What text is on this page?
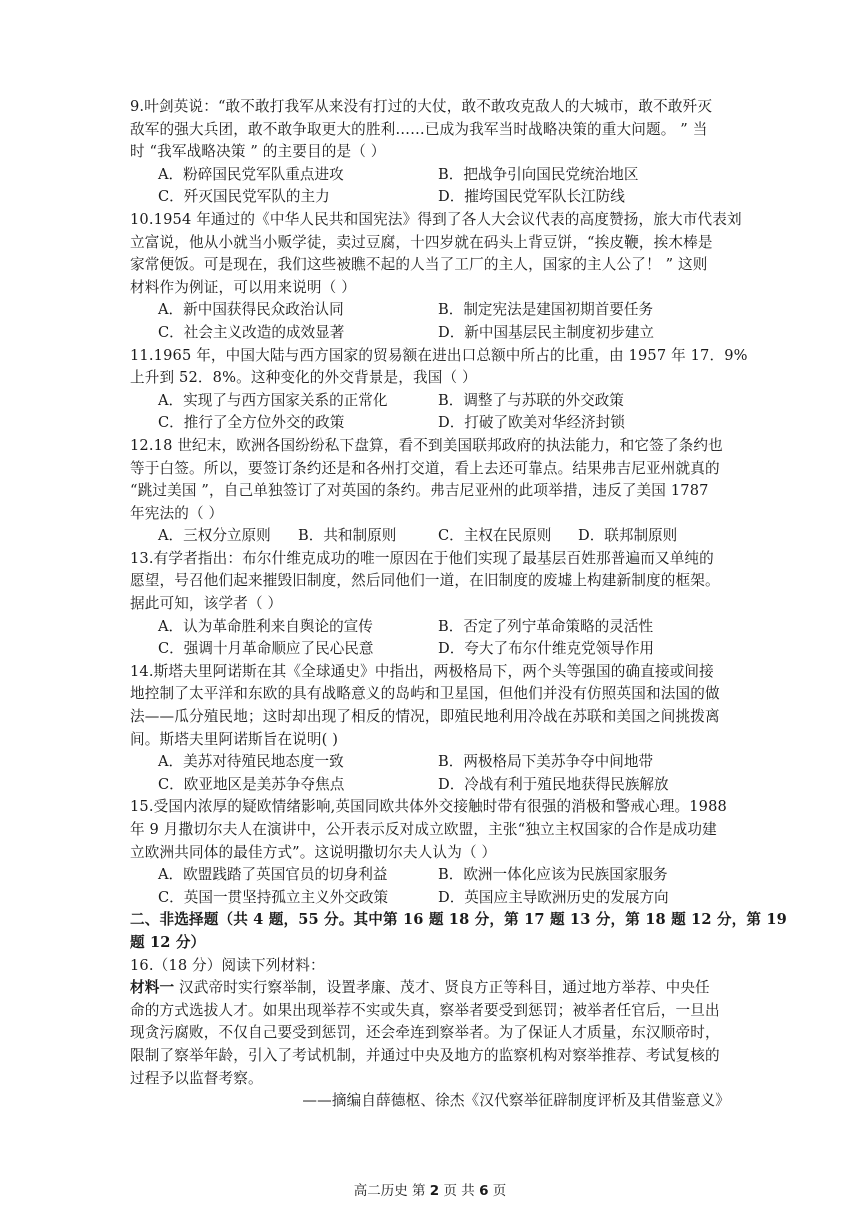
9.叶剑英说：“敢不敢打我军从来没有打过的大仗，敢不敢攻克敌人的大城市，敢不敢歼灭
敌军的强大兵团，敢不敢争取更大的胜利……已成为我军当时战略决策的重大问题。 ” 当
时 “我军战略决策 ” 的主要目的是（ ）
A．粉碎国民党军队重点进攻	B．把战争引向国民党统治地区
C．歼灭国民党军队的主力	D．摧垮国民党军队长江防线
10.1954 年通过的《中华人民共和国宪法》得到了各人大会议代表的高度赞扬，旅大市代表刘
立富说，他从小就当小贩学徒，卖过豆腐，十四岁就在码头上背豆饼，“挨皮鞭，挨木棒是
家常便饭。可是现在，我们这些被瞧不起的人当了工厂的主人，国家的主人公了！ ” 这则
材料作为例证，可以用来说明（ ）
A．新中国获得民众政治认同	B．制定宪法是建国初期首要任务
C．社会主义改造的成效显著	D．新中国基层民主制度初步建立
11.1965 年，中国大陆与西方国家的贸易额在进出口总额中所占的比重，由 1957 年 17．9%
上升到 52．8%。这种变化的外交背景是，我国（ ）
A．实现了与西方国家关系的正常化	B．调整了与苏联的外交政策
C．推行了全方位外交的政策	D．打破了欧美对华经济封锁
12.18 世纪末，欧洲各国纷纷私下盘算，看不到美国联邦政府的执法能力，和它签了条约也
等于白签。所以，要签订条约还是和各州打交道，看上去还可靠点。结果弗吉尼亚州就真的
“跳过美国 ”，自己单独签订了对英国的条约。弗吉尼亚州的此项举措，违反了美国 1787
年宪法的（ ）
A．三权分立原则	B．共和制原则	C．主权在民原则	D．联邦制原则
13.有学者指出：布尔什维克成功的唯一原因在于他们实现了最基层百姓那普遍而又单纯的
愿望，号召他们起来摧毁旧制度，然后同他们一道，在旧制度的废墟上构建新制度的框架。
据此可知，该学者（ ）
A．认为革命胜利来自舆论的宣传	B．否定了列宁革命策略的灵活性
C．强调十月革命顺应了民心民意	D．夸大了布尔什维克党领导作用
14.斯塔夫里阿诺斯在其《全球通史》中指出，两极格局下，两个头等强国的确直接或间接
地控制了太平洋和东欧的具有战略意义的岛屿和卫星国，但他们并没有仿照英国和法国的做
法——瓜分殖民地；这时却出现了相反的情况，即殖民地利用冷战在苏联和美国之间挑拨离
间。斯塔夫里阿诺斯旨在说明( )
A．美苏对待殖民地态度一致	B．两极格局下美苏争夺中间地带
C．欧亚地区是美苏争夺焦点	D．冷战有利于殖民地获得民族解放
15.受国内浓厚的疑欧情绪影响,英国同欧共体外交接触时带有很强的消极和警戒心理。1988
年 9 月撒切尔夫人在演讲中，公开表示反对成立欧盟，主张“独立主权国家的合作是成功建
立欧洲共同体的最佳方式”。这说明撒切尔夫人认为（ ）
A．欧盟践踏了英国官员的切身利益	B．欧洲一体化应该为民族国家服务
C．英国一贯坚持孤立主义外交政策	D．英国应主导欧洲历史的发展方向
二、非选择题（共 4 题，55 分。其中第 16 题 18 分，第 17 题 13 分，第 18 题 12 分，第 19
题 12 分）
16.（18 分）阅读下列材料：
材料一 汉武帝时实行察举制，设置孝廉、茂才、贤良方正等科目，通过地方举荐、中央任
命的方式选拔人才。如果出现举荐不实或失真，察举者要受到惩罚；被举者任官后，一旦出
现贪污腐败，不仅自己要受到惩罚，还会牵连到察举者。为了保证人才质量，东汉顺帝时，
限制了察举年龄，引入了考试机制，并通过中央及地方的监察机构对察举推荐、考试复核的
过程予以监督考察。
——摘编自薛德枢、徐杰《汉代察举征辟制度评析及其借鉴意义》
高二历史 第 2 页 共 6 页
